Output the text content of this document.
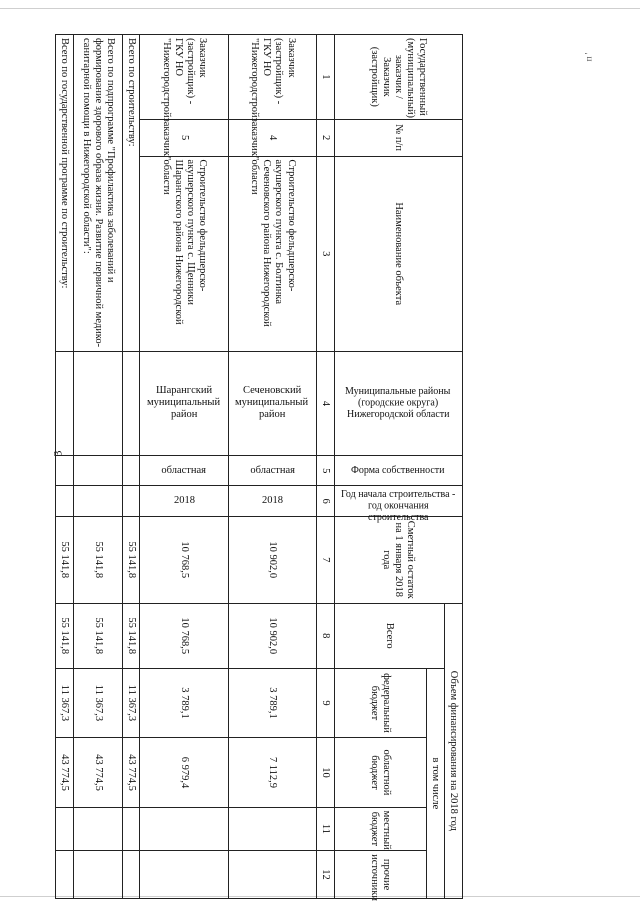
3
п '
Государственный (муниципальный) заказчик / Заказчик (застройщик)	№ п/п	Наименование объекта	Муниципальные районы (городские округа) Нижегородской области	Форма собственности	Год начала строительства - год окончания строительства	Сметный остаток на 1 января 2018 года	Объем финансирования на 2018 год				
							Всего	в том числе			
								федеральный бюджет	областной бюджет	местный бюджет	прочие источники
1	2	3	4	5	6	7	8	9	10	11	12
Заказчик (застройщик) - ГКУ НО "Нижегородстройзаказчик"	4	Строительство фельдшерско-акушерского пункта с. Болтинка Сеченовского района Нижегородской области	Сеченовский муниципальный район	областная	2018	10 902,0	10 902,0	3 789,1	7 112,9		
Заказчик (застройщик) - ГКУ НО "Нижегородстройзаказчик"	5	Строительство фельдшерско-акушерского пункта с. Щенники Шарангского района Нижегородской области	Шарангский муниципальный район	областная	2018	10 768,5	10 768,5	3 789,1	6 979,4		
Всего по строительству:						55 141,8	55 141,8	11 367,3	43 774,5		
Всего по подпрограмме "Профилактика заболеваний и формирование здорового образа жизни. Развитие первичной медико-санитарной помощи в Нижегородской области":						55 141,8	55 141,8	11 367,3	43 774,5		
Всего по государственной программе по строительству:						55 141,8	55 141,8	11 367,3	43 774,5		
